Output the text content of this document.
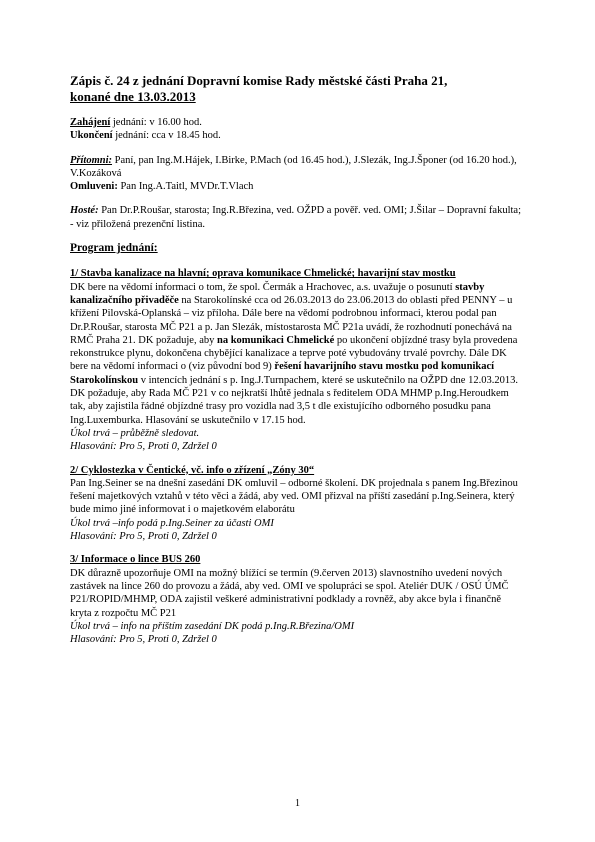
Zápis č. 24 z jednání Dopravní komise Rady městské části Praha 21,
konané dne 13.03.2013

Zahájení jednání: v 16.00 hod.

Ukončení jednání: cca v 18.45 hod.

Přítomni: Paní, pan Ing.M.Hájek, I.Birke, P.Mach (od 16.45 hod.), J.Slezák, Ing.J.Šponer (od 16.20 hod.), V.Kozáková

Omluveni: Pan Ing.A.Taitl, MVDr.T.Vlach

Hosté: Pan Dr.P.Roušar, starosta; Ing.R.Březina, ved. OŽPD a pověř. ved. OMI; J.Šilar – Dopravní fakulta;

- viz přiložená prezenční listina.

Program jednání:

1/ Stavba kanalizace na hlavní; oprava komunikace Chmelické; havarijní stav mostku

DK bere na vědomí informaci o tom, že spol. Čermák a Hrachovec, a.s. uvažuje o posunutí stavby kanalizačního přivaděče na Starokolínské cca od 26.03.2013 do 23.06.2013 do oblasti před PENNY – u křížení Pilovská-Oplanská – viz příloha. Dále bere na vědomí podrobnou informaci, kterou podal pan Dr.P.Roušar, starosta MČ P21 a p. Jan Slezák, místostarosta MČ P21a uvádí, že rozhodnutí ponechává na RMČ Praha 21. DK požaduje, aby na komunikaci Chmelické po ukončení objízdné trasy byla provedena rekonstrukce plynu, dokončena chybějící kanalizace a teprve poté vybudovány trvalé povrchy. Dále DK bere na vědomí informaci o (viz původní bod 9) řešení havarijního stavu mostku pod komunikací Starokolínskou v intencích jednání s p. Ing.J.Turnpachem, které se uskutečnilo na OŽPD dne 12.03.2013. DK požaduje, aby Rada MČ P21 v co nejkratší lhůtě jednala s ředitelem ODA MHMP p.Ing.Heroudkem tak, aby zajistila řádné objízdné trasy pro vozidla nad 3,5 t dle existujícího odborného posudku pana Ing.Luxemburka. Hlasování se uskutečnilo v 17.15 hod.

Úkol trvá – průběžně sledovat.

Hlasování: Pro 5, Proti 0, Zdržel 0

2/ Cyklostezka v Čentické, vč. info o zřízení „Zóny 30“

Pan Ing.Seiner se na dnešní zasedání DK omluvil – odborné školení. DK projednala s panem Ing.Březinou řešení majetkových vztahů v této věci a žádá, aby ved. OMI přizval na příští zasedání p.Ing.Seinera, který bude mimo jiné informovat i o majetkovém elaborátu

Úkol trvá –info podá p.Ing.Seiner za účasti OMI

Hlasování: Pro 5, Proti 0, Zdržel 0

3/ Informace o lince BUS 260

DK důrazně upozorňuje OMI na možný blížící se termín (9.červen 2013) slavnostního uvedení nových zastávek na lince 260 do provozu a žádá, aby ved. OMI ve spolupráci se spol. Ateliér DUK / OSÚ ÚMČ P21/ROPID/MHMP, ODA zajistil veškeré administrativní podklady a rovněž, aby akce byla i finančně kryta z rozpočtu MČ P21

Úkol trvá – info na příštím zasedání DK podá p.Ing.R.Březina/OMI

Hlasování: Pro 5, Proti 0, Zdržel 0

1
